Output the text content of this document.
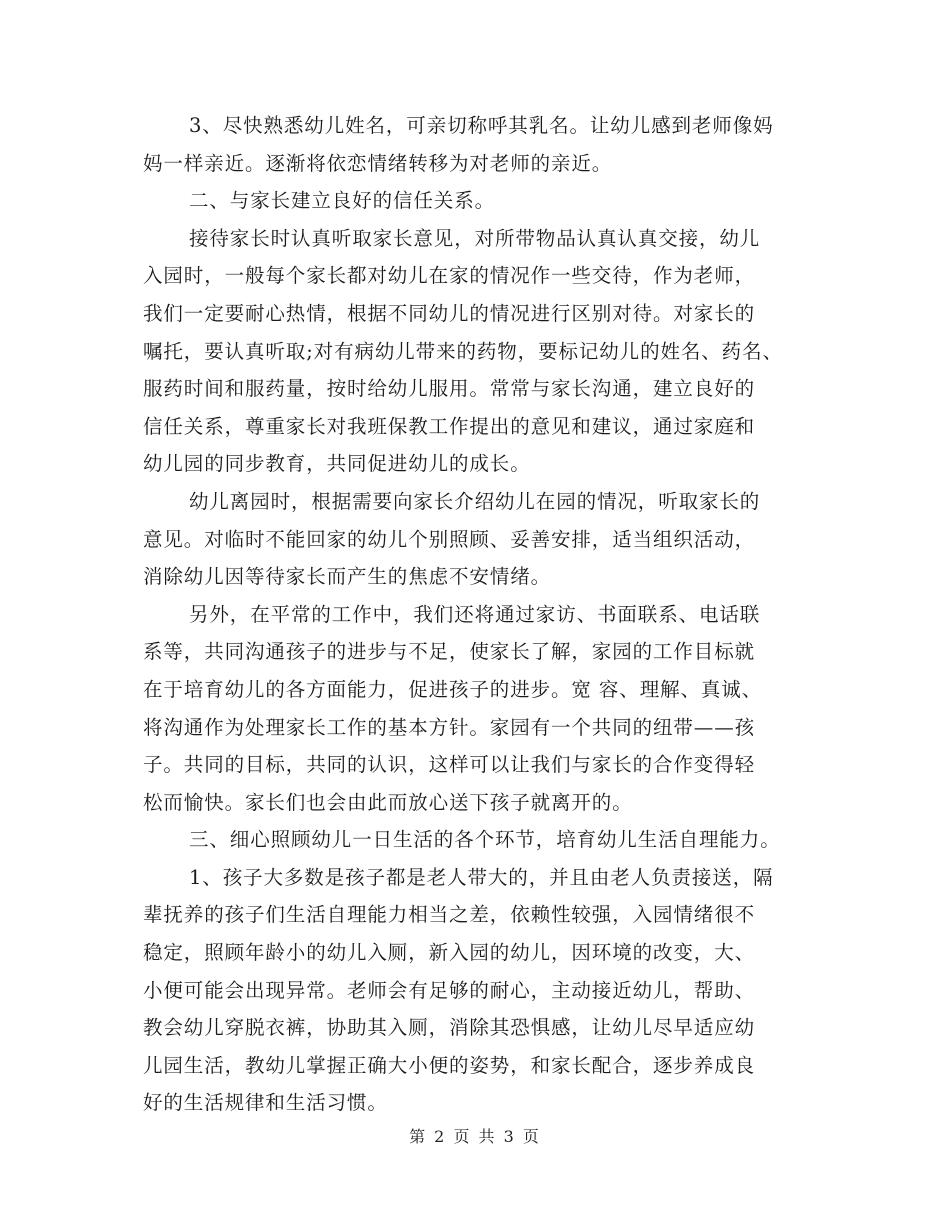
3、尽快熟悉幼儿姓名，可亲切称呼其乳名。让幼儿感到老师像妈
妈一样亲近。逐渐将依恋情绪转移为对老师的亲近。
二、与家长建立良好的信任关系。
接待家长时认真听取家长意见，对所带物品认真认真交接，幼儿
入园时，一般每个家长都对幼儿在家的情况作一些交待，作为老师，
我们一定要耐心热情，根据不同幼儿的情况进行区别对待。对家长的
嘱托，要认真听取;对有病幼儿带来的药物，要标记幼儿的姓名、药名、
服药时间和服药量，按时给幼儿服用。常常与家长沟通，建立良好的
信任关系，尊重家长对我班保教工作提出的意见和建议，通过家庭和
幼儿园的同步教育，共同促进幼儿的成长。
幼儿离园时，根据需要向家长介绍幼儿在园的情况，听取家长的
意见。对临时不能回家的幼儿个别照顾、妥善安排，适当组织活动，
消除幼儿因等待家长而产生的焦虑不安情绪。
另外，在平常的工作中，我们还将通过家访、书面联系、电话联
系等，共同沟通孩子的进步与不足，使家长了解，家园的工作目标就
在于培育幼儿的各方面能力，促进孩子的进步。宽 容、理解、真诚、
将沟通作为处理家长工作的基本方针。家园有一个共同的纽带——孩
子。共同的目标，共同的认识，这样可以让我们与家长的合作变得轻
松而愉快。家长们也会由此而放心送下孩子就离开的。
三、细心照顾幼儿一日生活的各个环节，培育幼儿生活自理能力。
1、孩子大多数是孩子都是老人带大的，并且由老人负责接送，隔
辈抚养的孩子们生活自理能力相当之差，依赖性较强，入园情绪很不
稳定，照顾年龄小的幼儿入厕，新入园的幼儿，因环境的改变，大、
小便可能会出现异常。老师会有足够的耐心，主动接近幼儿，帮助、
教会幼儿穿脱衣裤，协助其入厕，消除其恐惧感，让幼儿尽早适应幼
儿园生活，教幼儿掌握正确大小便的姿势，和家长配合，逐步养成良
好的生活规律和生活习惯。
第 2 页 共 3 页
